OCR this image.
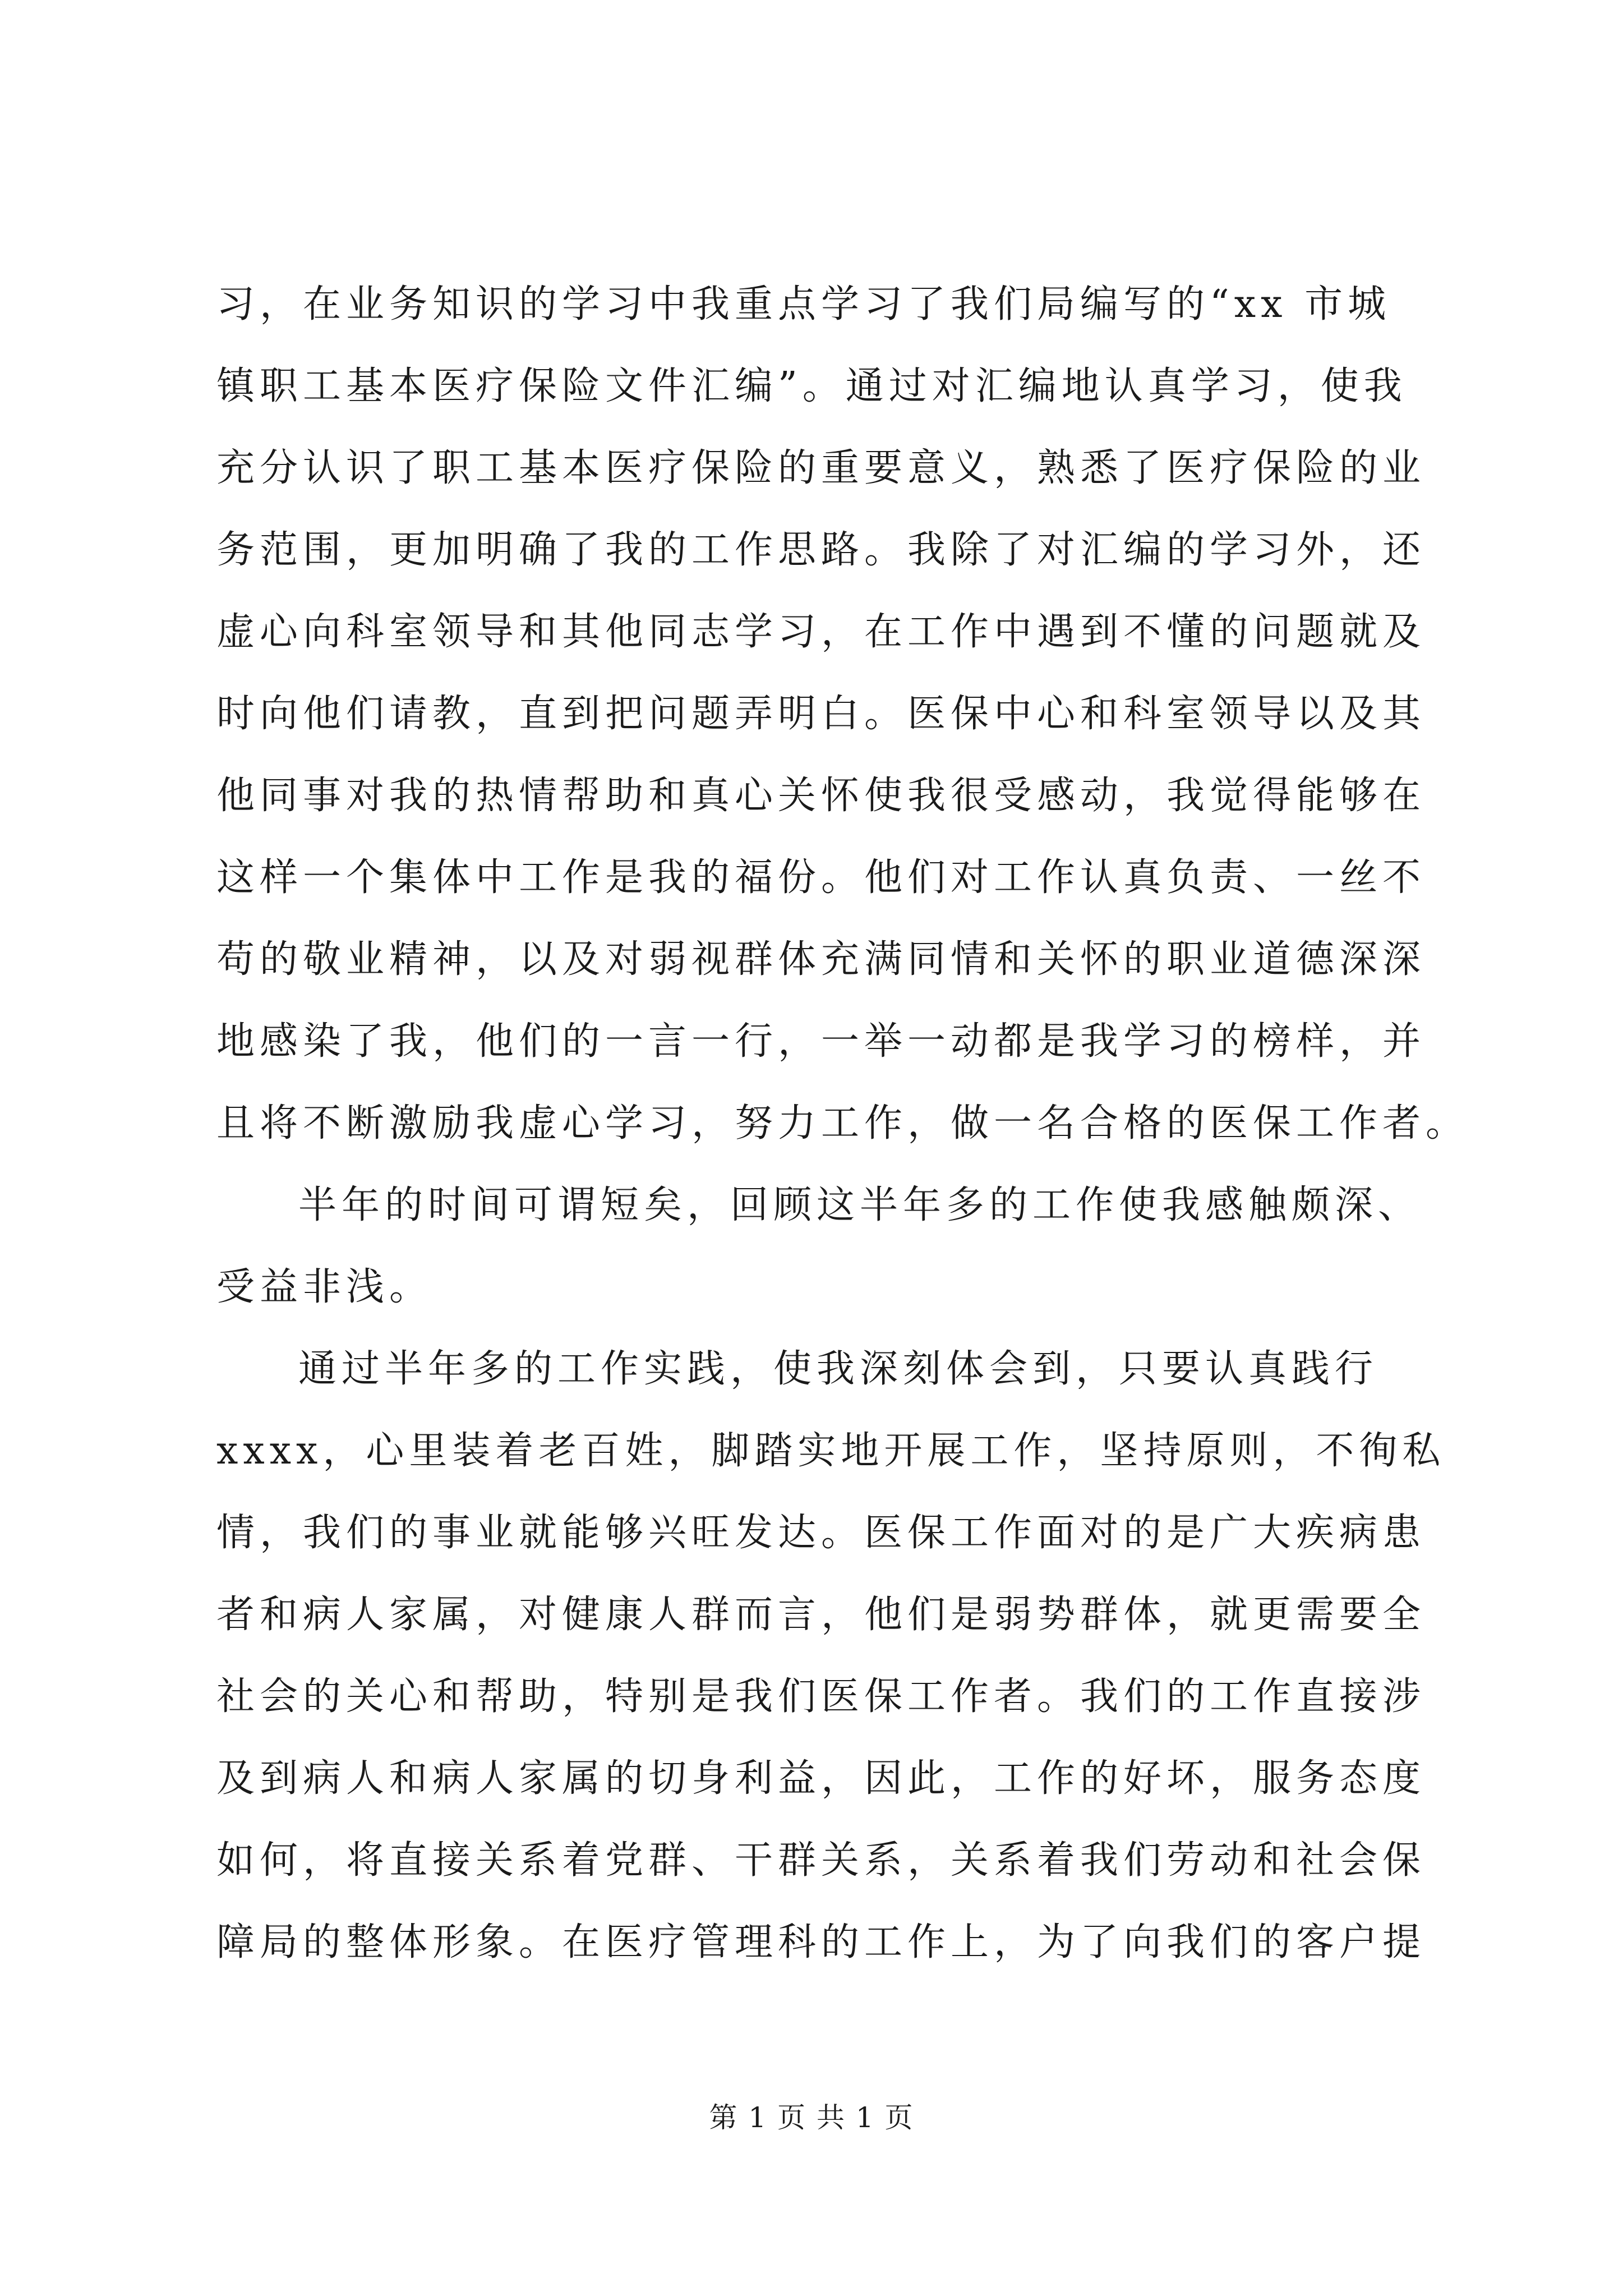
习，在业务知识的学习中我重点学习了我们局编写的“xx 市城
镇职工基本医疗保险文件汇编”。通过对汇编地认真学习，使我
充分认识了职工基本医疗保险的重要意义，熟悉了医疗保险的业
务范围，更加明确了我的工作思路。我除了对汇编的学习外，还
虚心向科室领导和其他同志学习，在工作中遇到不懂的问题就及
时向他们请教，直到把问题弄明白。医保中心和科室领导以及其
他同事对我的热情帮助和真心关怀使我很受感动，我觉得能够在
这样一个集体中工作是我的福份。他们对工作认真负责、一丝不
苟的敬业精神，以及对弱视群体充满同情和关怀的职业道德深深
地感染了我，他们的一言一行，一举一动都是我学习的榜样，并
且将不断激励我虚心学习，努力工作，做一名合格的医保工作者。
半年的时间可谓短矣，回顾这半年多的工作使我感触颇深、
受益非浅。
通过半年多的工作实践，使我深刻体会到，只要认真践行
xxxx，心里装着老百姓，脚踏实地开展工作，坚持原则，不徇私
情，我们的事业就能够兴旺发达。医保工作面对的是广大疾病患
者和病人家属，对健康人群而言，他们是弱势群体，就更需要全
社会的关心和帮助，特别是我们医保工作者。我们的工作直接涉
及到病人和病人家属的切身利益，因此，工作的好坏，服务态度
如何，将直接关系着党群、干群关系，关系着我们劳动和社会保
障局的整体形象。在医疗管理科的工作上，为了向我们的客户提
第 1 页 共 1 页
